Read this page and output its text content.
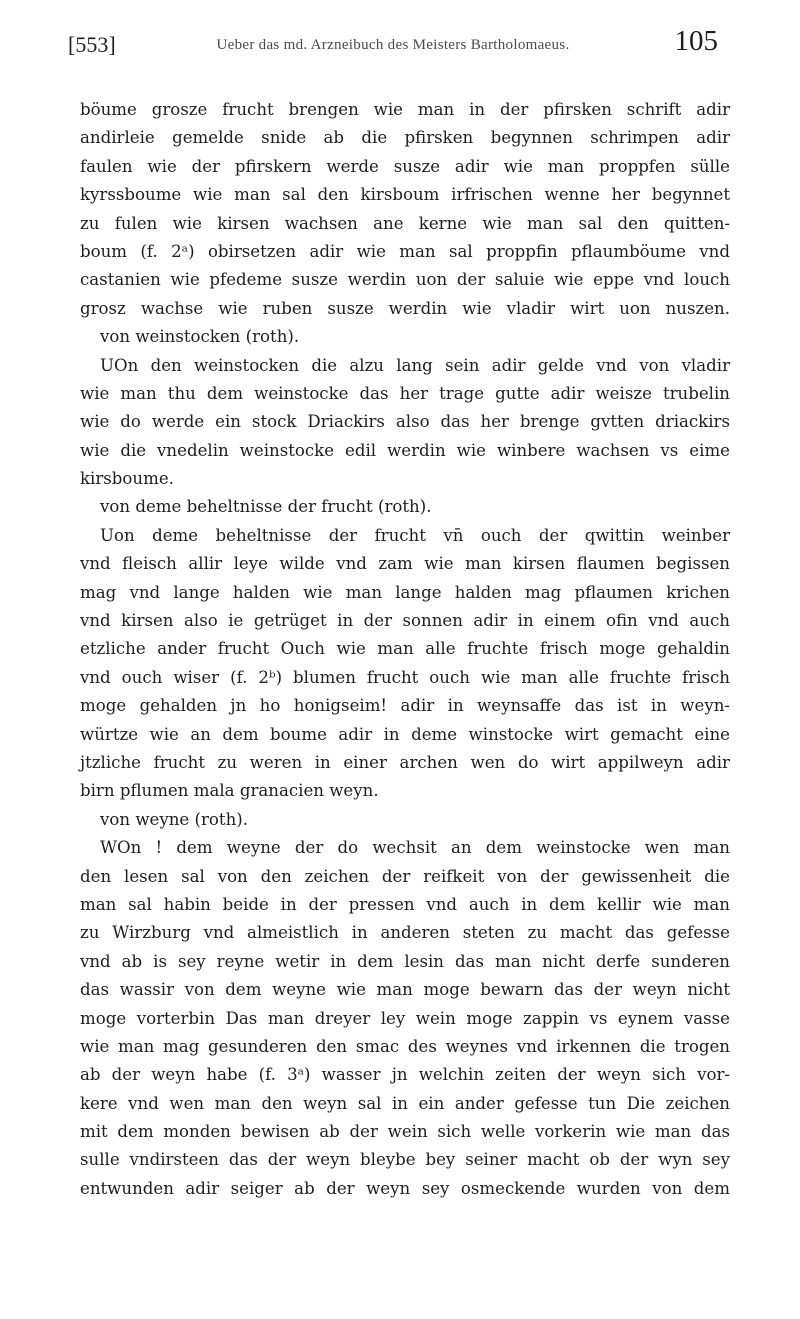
[553]	Ueber das md. Arzneibuch des Meisters Bartholomaeus.	105
böume grosze frucht brengen wie man in der pfirsken schrift adir
andirleie gemelde snide ab die pfirsken begynnen schrimpen adir
faulen wie der pfirskern werde susze adir wie man proppfen sülle
kyrssboume wie man sal den kirsboum irfrischen wenne her begynnet
zu fulen wie kirsen wachsen ane kerne wie man sal den quitten-
boum (f. 2ᵃ) obirsetzen adir wie man sal proppfin pflaumböume vnd
castanien wie pfedeme susze werdin uon der saluie wie eppe vnd louch
grosz wachse wie ruben susze werdin wie vladir wirt uon nuszen.
von weinstocken (roth).
UOn den weinstocken die alzu lang sein adir gelde vnd von vladir
wie man thu dem weinstocke das her trage gutte adir weisze trubelin
wie do werde ein stock Driackirs also das her brenge gvtten driackirs
wie die vnedelin weinstocke edil werdin wie winbere wachsen vs eime
kirsboume.
von deme beheltnisse der frucht (roth).
Uon deme beheltnisse der frucht vn̄ ouch der qwittin weinber
vnd fleisch allir leye wilde vnd zam wie man kirsen flaumen begissen
mag vnd lange halden wie man lange halden mag pflaumen krichen
vnd kirsen also ie getrüget in der sonnen adir in einem ofin vnd auch
etzliche ander frucht Ouch wie man alle fruchte frisch moge gehaldin
vnd ouch wiser (f. 2ᵇ) blumen frucht ouch wie man alle fruchte frisch
moge gehalden jn ho honigseim! adir in weynsaffe das ist in weyn-
würtze wie an dem boume adir in deme winstocke wirt gemacht eine
jtzliche frucht zu weren in einer archen wen do wirt appilweyn adir
birn pflumen mala granacien weyn.
von weyne (roth).
WOn ! dem weyne der do wechsit an dem weinstocke wen man
den lesen sal von den zeichen der reifkeit von der gewissenheit die
man sal habin beide in der pressen vnd auch in dem kellir wie man
zu Wirzburg vnd almeistlich in anderen steten zu macht das gefesse
vnd ab is sey reyne wetir in dem lesin das man nicht derfe sunderen
das wassir von dem weyne wie man moge bewarn das der weyn nicht
moge vorterbin Das man dreyer ley wein moge zappin vs eynem vasse
wie man mag gesunderen den smac des weynes vnd irkennen die trogen
ab der weyn habe (f. 3ᵃ) wasser jn welchin zeiten der weyn sich vor-
kere vnd wen man den weyn sal in ein ander gefesse tun Die zeichen
mit dem monden bewisen ab der wein sich welle vorkerin wie man das
sulle vndirsteen das der weyn bleybe bey seiner macht ob der wyn sey
entwunden adir seiger ab der weyn sey osmeckende wurden von dem
